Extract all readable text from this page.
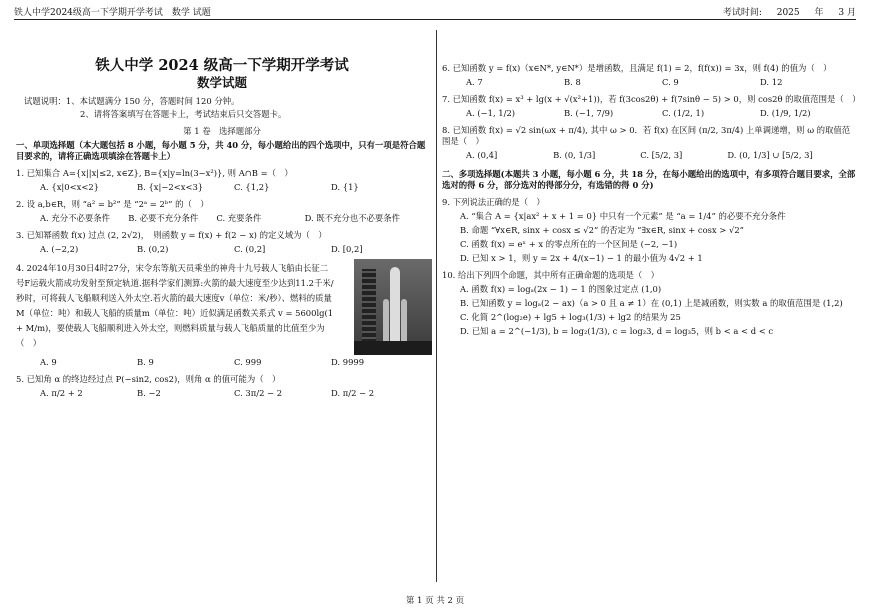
铁人中学2024级高一下学期开学考试　数学 试题	考试时间: 2025 年 3 月
铁人中学 2024 级高一下学期开学考试
数学试题
试题说明：1、本试题满分 150 分，答题时间 120 分钟。
2、请将答案填写在答题卡上，考试结束后只交答题卡。
第 1 卷　选择题部分
一、单项选择题（本大题包括 8 小题，每小题 5 分，共 40 分，每小题给出的四个选项中，只有一项是符合题目要求的，请将正确选项填涂在答题卡上）
1. 已知集合 A={x||x|≤2, x∈Z}, B={x|y=ln(3−x²)}, 则 A∩B =（　）
A. {x|0<x<2}	B. {x|−2<x<3}	C. {1,2}	D. {1}
2. 设 a,b∈R，则 “a² = b²” 是 “2ᵃ = 2ᵇ” 的（　）
A. 充分不必要条件	B. 必要不充分条件	C. 充要条件	D. 既不充分也不必要条件
3. 已知幂函数 f(x) 过点 (2, 2√2)，　则函数 y = f(x) + f(2 − x) 的定义域为（　）
A. (−2,2)	B. (0,2)	C. (0,2]	D. [0,2]
4. 2024年10月30日4时27分，宋令东等航天员乘坐的神舟十九号载人飞船由长征二号F运载火箭成功发射至预定轨道.据科学家们测算:火箭的最大速度至少达到11.2千米/秒时，可将载人飞船顺利送入外太空.若火箭的最大速度v（单位：米/秒）、燃料的质量M（单位：吨）和载人飞船的质量m（单位：吨）近似满足函数关系式 v = 5600lg(1 + M/m)，要使载人飞船顺利进入外太空，则燃料质量与载人飞船质量的比值至少为（　）
A. 9	B. 9	C. 999	D. 9999
5. 已知角 α 的终边经过点 P(−sin2, cos2)，则角 α 的值可能为（　）
A. π/2 + 2	B. −2	C. 3π/2 − 2	D. π/2 − 2
6. 已知函数 y = f(x)（x∈N*, y∈N*）是增函数，且满足 f(1) = 2，f(f(x)) = 3x，则 f(4) 的值为（　）
A. 7	B. 8	C. 9	D. 12
7. 已知函数 f(x) = x³ + lg(x + √(x²+1))，若 f(3cos2θ) + f(7sinθ − 5) > 0，则 cos2θ 的取值范围是（　）
A. (−1, 1/2)	B. (−1, 7/9)	C. (1/2, 1)	D. (1/9, 1/2)
8. 已知函数 f(x) = √2 sin(ωx + π/4), 其中 ω > 0．若 f(x) 在区间 (π/2, 3π/4) 上单调递增，则 ω 的取值范围是（　）
A. (0,4]	B. (0, 1/3]	C. [5/2, 3]	D. (0, 1/3] ∪ [5/2, 3]
二、多项选择题(本题共 3 小题，每小题 6 分，共 18 分，在每小题给出的选项中，有多项符合题目要求，全部选对的得 6 分，部分选对的得部分分，有选错的得 0 分)
9. 下列说法正确的是（　）
A. “集合 A = {x|ax² + x + 1 = 0} 中只有一个元素” 是 “a = 1/4” 的必要不充分条件
B. 命题 “∀x∈R, sinx + cosx ≤ √2” 的否定为 “∃x∈R, sinx + cosx > √2”
C. 函数 f(x) = eˣ + x 的零点所在的一个区间是 (−2, −1)
D. 已知 x > 1，则 y = 2x + 4/(x−1) − 1 的最小值为 4√2 + 1
10. 给出下列四个命题，其中所有正确命题的选项是（　）
A. 函数 f(x) = logₐ(2x − 1) − 1 的图象过定点 (1,0)
B. 已知函数 y = logₐ(2 − ax)（a > 0 且 a ≠ 1）在 (0,1) 上是减函数，则实数 a 的取值范围是 (1,2)
C. 化简 2^(log₂e) + lg5 + log₃(1/3) + lg2 的结果为 25
D. 已知 a = 2^(−1/3), b = log₂(1/3), c = log₂3, d = log₃5，则 b < a < d < c
第 1 页 共 2 页
